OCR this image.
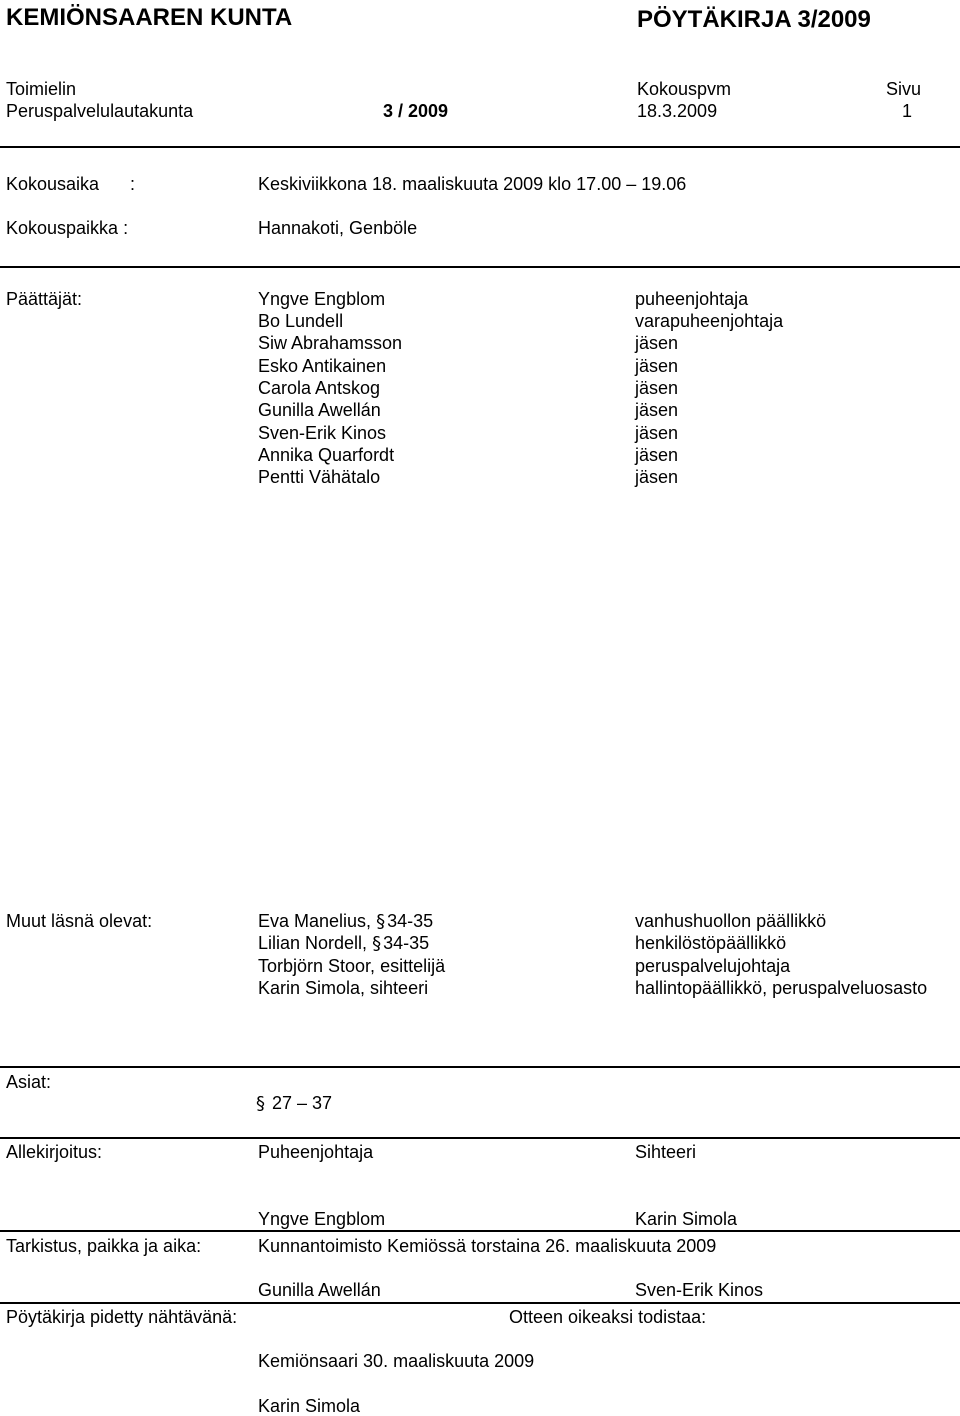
KEMIÖNSAAREN KUNTA	PÖYTÄKIRJA 3/2009
Toimielin	Kokouspvm	Sivu
Peruspalvelulautakunta	3 / 2009	18.3.2009	1
Kokousaika :	Keskiviikkona 18. maaliskuuta 2009 klo 17.00 – 19.06
Kokouspaikka :	Hannakoti, Genböle
Päättäjät:	Yngve Engblom	puheenjohtaja
Bo Lundell	varapuheenjohtaja
Siw Abrahamsson	jäsen
Esko Antikainen	jäsen
Carola Antskog	jäsen
Gunilla Awellán	jäsen
Sven-Erik Kinos	jäsen
Annika Quarfordt	jäsen
Pentti Vähätalo	jäsen
Muut läsnä olevat:	Eva Manelius, § 34-35	vanhushuollon päällikkö
Lilian Nordell, § 34-35	henkilöstöpäällikkö
Torbjörn Stoor, esittelijä	peruspalvelujohtaja
Karin Simola, sihteeri	hallintopäällikkö, peruspalveluosasto
Asiat:
§ 27 – 37
Allekirjoitus:	Puheenjohtaja	Sihteeri
Yngve Engblom	Karin Simola
Tarkistus, paikka ja aika:	Kunnantoimisto Kemiössä torstaina 26. maaliskuuta 2009
Gunilla Awellán	Sven-Erik Kinos
Pöytäkirja pidetty nähtävänä:	Otteen oikeaksi todistaa:
Kemiönsaari 30. maaliskuuta 2009
Karin Simola
